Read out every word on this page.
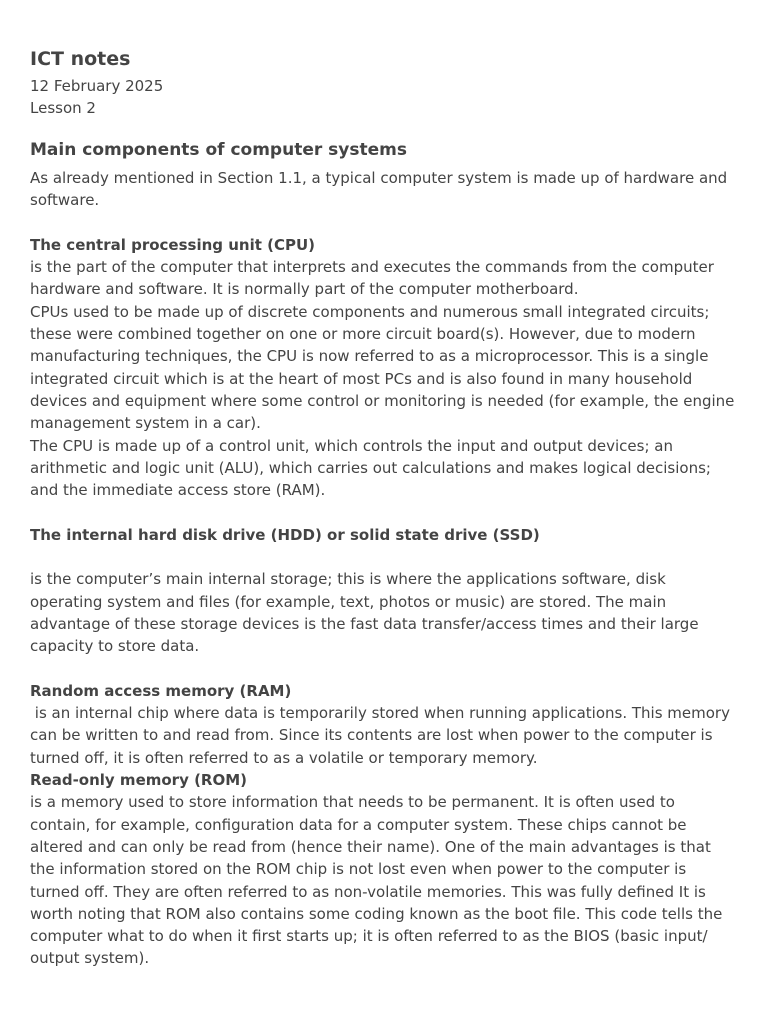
ICT notes
12 February 2025
Lesson 2
Main components of computer systems
As already mentioned in Section 1.1, a typical computer system is made up of hardware and software.
The central processing unit (CPU)
is the part of the computer that interprets and executes the commands from the computer hardware and software. It is normally part of the computer motherboard.
CPUs used to be made up of discrete components and numerous small integrated circuits; these were combined together on one or more circuit board(s). However, due to modern manufacturing techniques, the CPU is now referred to as a microprocessor. This is a single integrated circuit which is at the heart of most PCs and is also found in many household devices and equipment where some control or monitoring is needed (for example, the engine management system in a car).
The CPU is made up of a control unit, which controls the input and output devices; an arithmetic and logic unit (ALU), which carries out calculations and makes logical decisions; and the immediate access store (RAM).
The internal hard disk drive (HDD) or solid state drive (SSD)
is the computer’s main internal storage; this is where the applications software, disk operating system and files (for example, text, photos or music) are stored. The main advantage of these storage devices is the fast data transfer/access times and their large capacity to store data.
Random access memory (RAM)
is an internal chip where data is temporarily stored when running applications. This memory can be written to and read from. Since its contents are lost when power to the computer is turned off, it is often referred to as a volatile or temporary memory.
Read-only memory (ROM)
is a memory used to store information that needs to be permanent. It is often used to contain, for example, configuration data for a computer system. These chips cannot be altered and can only be read from (hence their name). One of the main advantages is that the information stored on the ROM chip is not lost even when power to the computer is turned off. They are often referred to as non-volatile memories. This was fully defined It is worth noting that ROM also contains some coding known as the boot file. This code tells the computer what to do when it first starts up; it is often referred to as the BIOS (basic input/ output system).
